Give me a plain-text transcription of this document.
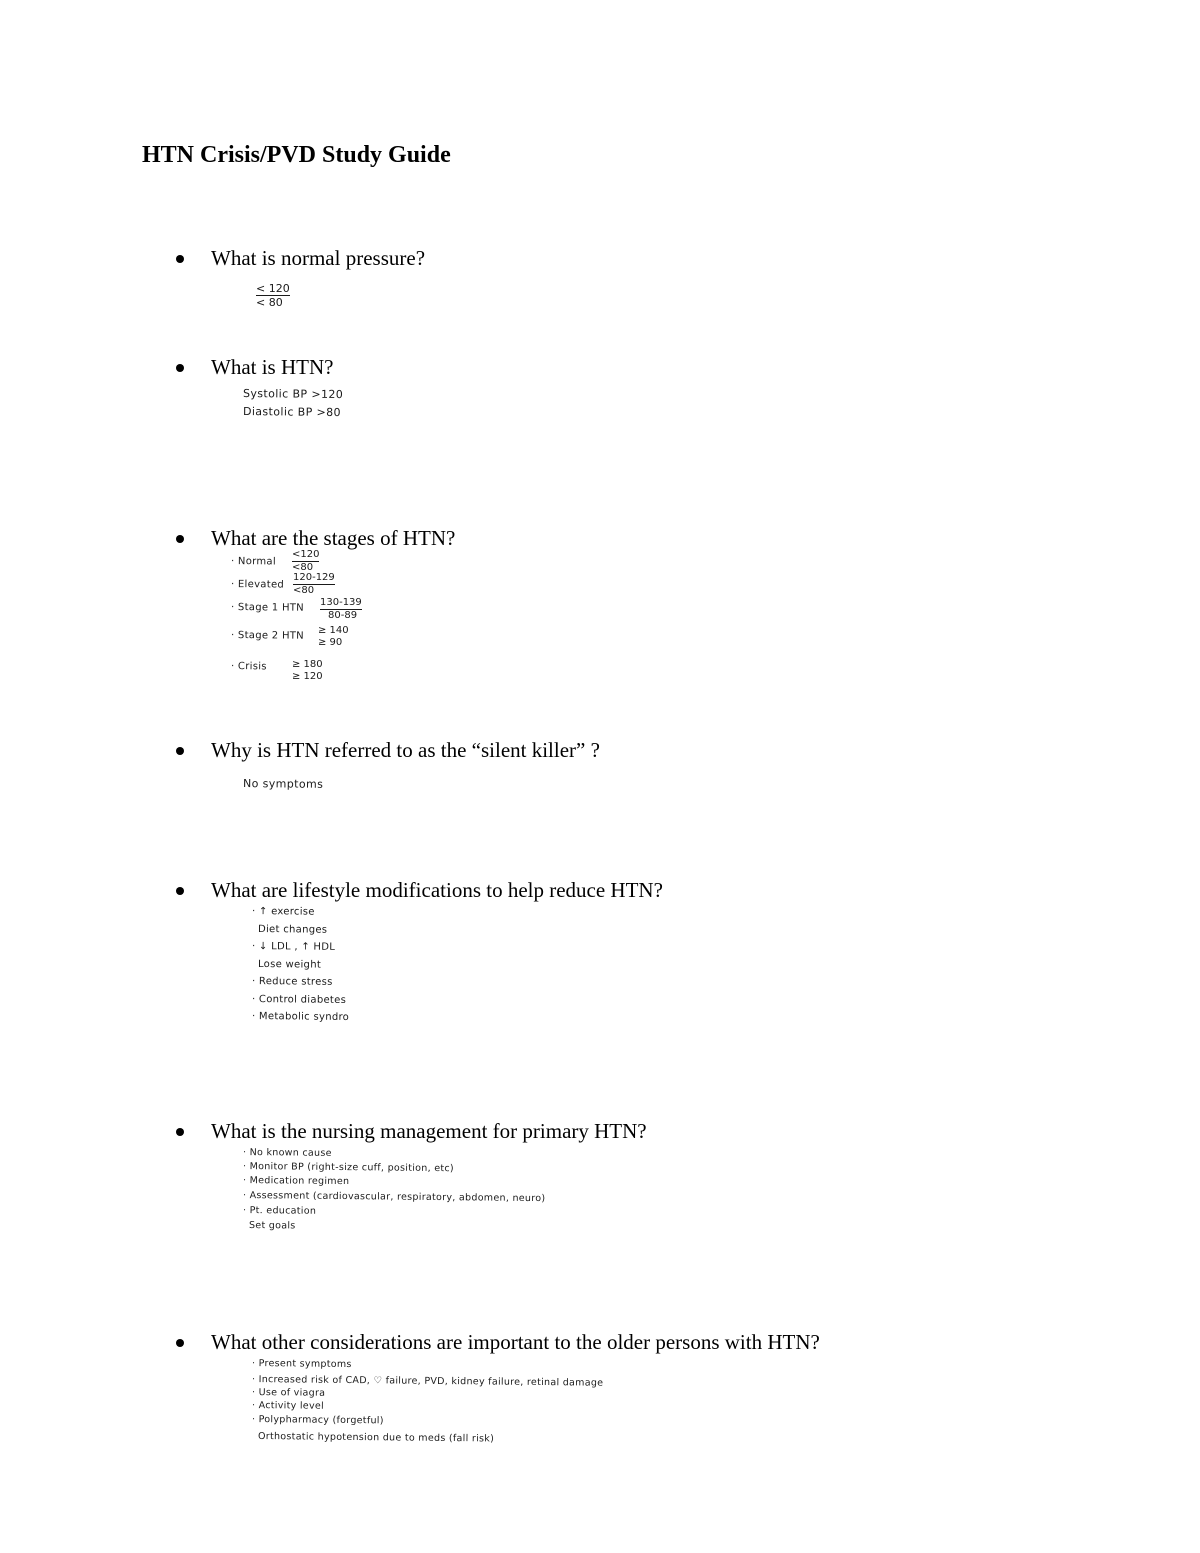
HTN Crisis/PVD Study Guide
What is normal pressure?
$\frac{< 120}{< 80}$
What is HTN?
Systolic BP >120
Diastolic BP >80
What are the stages of HTN?
· Normal $\frac{<120}{<80}$
· Elevated $\frac{120-129}{<80}$
· Stage 1 HTN $\frac{130-139}{80-89}$
· Stage 2 HTN ≥ 140
≥ 90
· Crisis	≥ 180
≥ 120
Why is HTN referred to as the “silent killer” ?
No symptoms
What are lifestyle modifications to help reduce HTN?
· ↑ exercise
Diet changes
· ↓ LDL , ↑ HDL
Lose weight
· Reduce stress
· Control diabetes
· Metabolic syndro
What is the nursing management for primary HTN?
· No known cause
· Monitor BP (right-size cuff, position, etc)
· Medication regimen
· Assessment (cardiovascular, respiratory, abdomen, neuro)
· Pt. education
Set goals
What other considerations are important to the older persons with HTN?
· Present symptoms
· Increased risk of CAD, ♡ failure, PVD, kidney failure, retinal damage
· Use of viagra
· Activity level
· Polypharmacy (forgetful)
Orthostatic hypotension due to meds (fall risk)
